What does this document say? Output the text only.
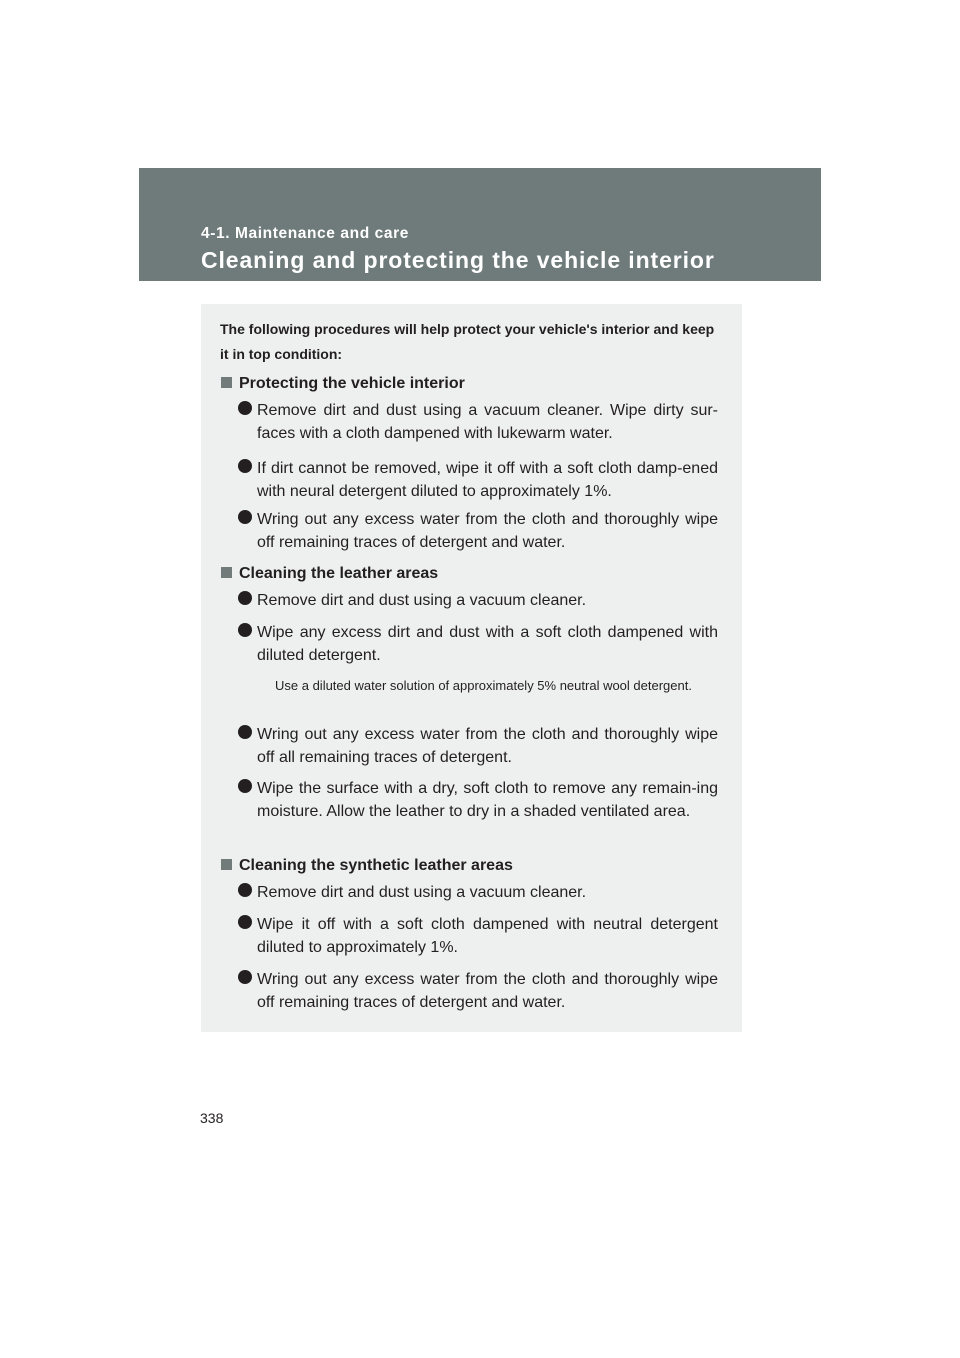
4-1. Maintenance and care
Cleaning and protecting the vehicle interior
The following procedures will help protect your vehicle's interior and keep it in top condition:
Protecting the vehicle interior
Remove dirt and dust using a vacuum cleaner. Wipe dirty sur-faces with a cloth dampened with lukewarm water.
If dirt cannot be removed, wipe it off with a soft cloth damp-ened with neural detergent diluted to approximately 1%.
Wring out any excess water from the cloth and thoroughly wipe off remaining traces of detergent and water.
Cleaning the leather areas
Remove dirt and dust using a vacuum cleaner.
Wipe any excess dirt and dust with a soft cloth dampened with diluted detergent.
Use a diluted water solution of approximately 5% neutral wool detergent.
Wring out any excess water from the cloth and thoroughly wipe off all remaining traces of detergent.
Wipe the surface with a dry, soft cloth to remove any remain-ing moisture. Allow the leather to dry in a shaded ventilated area.
Cleaning the synthetic leather areas
Remove dirt and dust using a vacuum cleaner.
Wipe it off with a soft cloth dampened with neutral detergent diluted to approximately 1%.
Wring out any excess water from the cloth and thoroughly wipe off remaining traces of detergent and water.
338
